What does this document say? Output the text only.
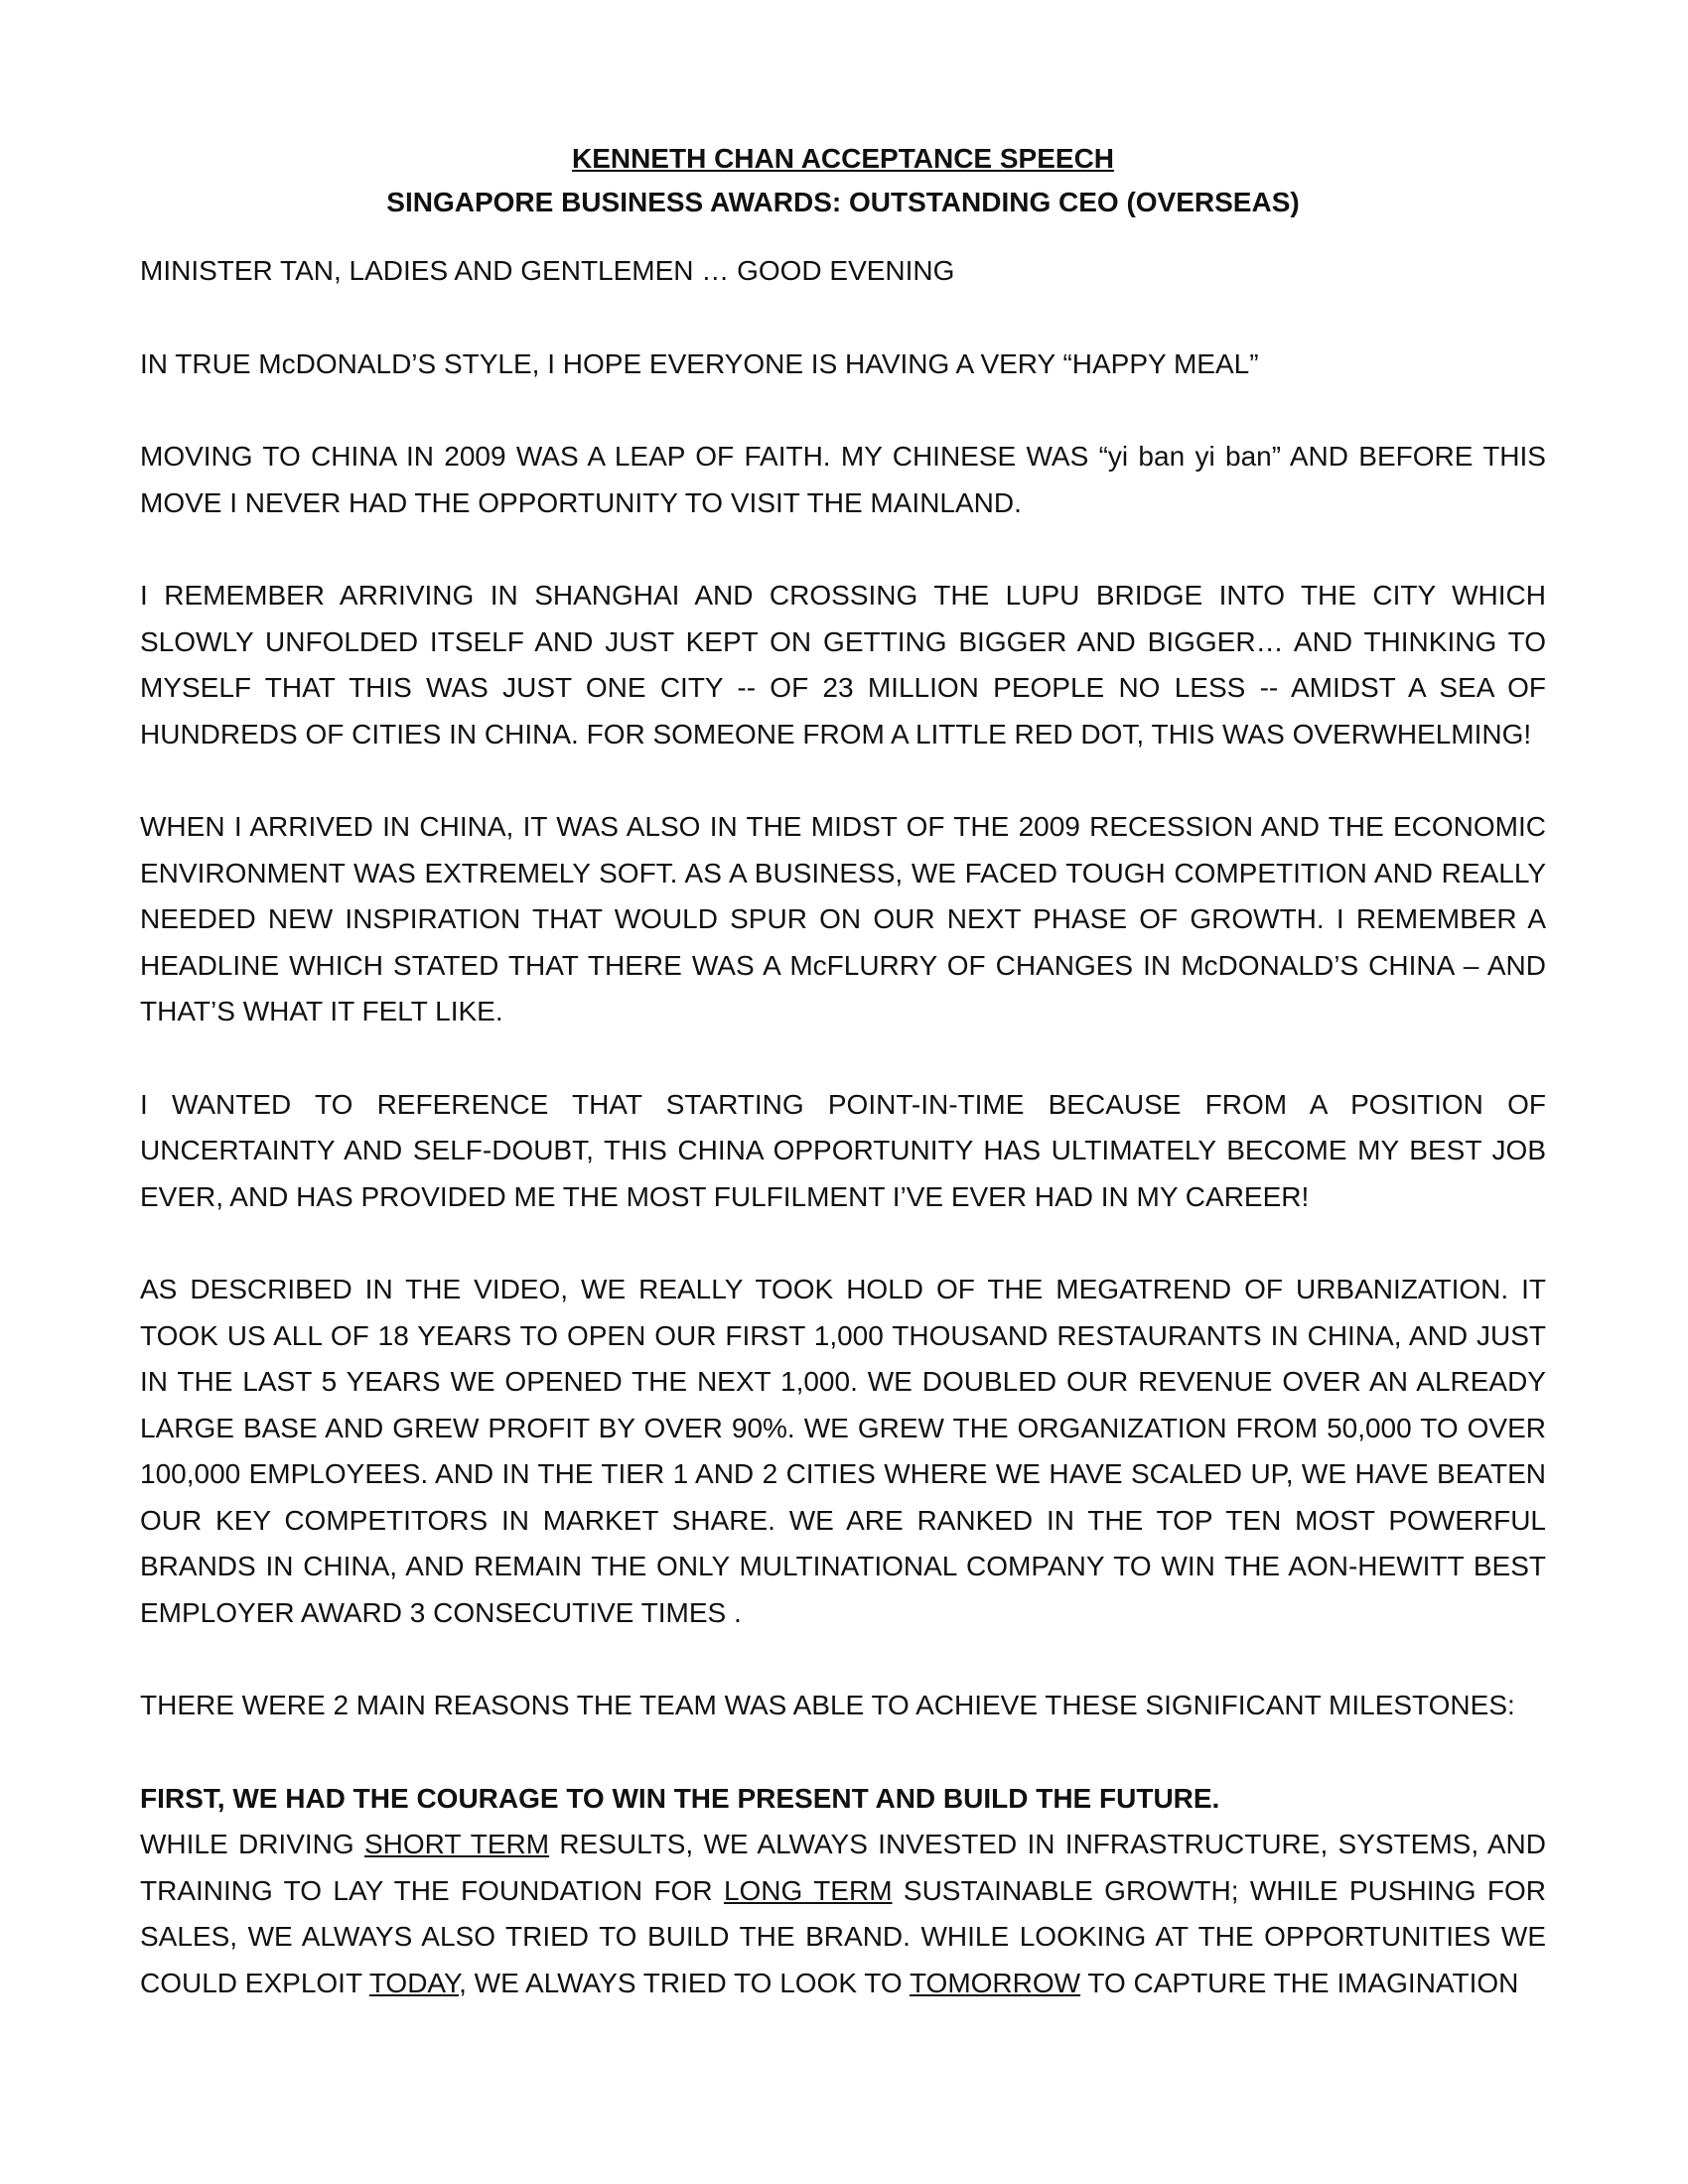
KENNETH CHAN ACCEPTANCE SPEECH
SINGAPORE BUSINESS AWARDS: OUTSTANDING CEO (OVERSEAS)

MINISTER TAN, LADIES AND GENTLEMEN … GOOD EVENING

IN TRUE McDONALD’S STYLE, I HOPE EVERYONE IS HAVING A VERY “HAPPY MEAL”

MOVING TO CHINA IN 2009 WAS A LEAP OF FAITH. MY CHINESE WAS “yi ban yi ban” AND BEFORE THIS MOVE I NEVER HAD THE OPPORTUNITY TO VISIT THE MAINLAND.

I REMEMBER ARRIVING IN SHANGHAI AND CROSSING THE LUPU BRIDGE INTO THE CITY WHICH SLOWLY UNFOLDED ITSELF AND JUST KEPT ON GETTING BIGGER AND BIGGER… AND THINKING TO MYSELF THAT THIS WAS JUST ONE CITY -- OF 23 MILLION PEOPLE NO LESS -- AMIDST A SEA OF HUNDREDS OF CITIES IN CHINA. FOR SOMEONE FROM A LITTLE RED DOT, THIS WAS OVERWHELMING!

WHEN I ARRIVED IN CHINA, IT WAS ALSO IN THE MIDST OF THE 2009 RECESSION AND THE ECONOMIC ENVIRONMENT WAS EXTREMELY SOFT. AS A BUSINESS, WE FACED TOUGH COMPETITION AND REALLY NEEDED NEW INSPIRATION THAT WOULD SPUR ON OUR NEXT PHASE OF GROWTH. I REMEMBER A HEADLINE WHICH STATED THAT THERE WAS A McFLURRY OF CHANGES IN McDONALD’S CHINA – AND THAT’S WHAT IT FELT LIKE.

I WANTED TO REFERENCE THAT STARTING POINT-IN-TIME BECAUSE FROM A POSITION OF UNCERTAINTY AND SELF-DOUBT, THIS CHINA OPPORTUNITY HAS ULTIMATELY BECOME MY BEST JOB EVER, AND HAS PROVIDED ME THE MOST FULFILMENT I’VE EVER HAD IN MY CAREER!

AS DESCRIBED IN THE VIDEO, WE REALLY TOOK HOLD OF THE MEGATREND OF URBANIZATION. IT TOOK US ALL OF 18 YEARS TO OPEN OUR FIRST 1,000 THOUSAND RESTAURANTS IN CHINA, AND JUST IN THE LAST 5 YEARS WE OPENED THE NEXT 1,000. WE DOUBLED OUR REVENUE OVER AN ALREADY LARGE BASE AND GREW PROFIT BY OVER 90%. WE GREW THE ORGANIZATION FROM 50,000 TO OVER 100,000 EMPLOYEES. AND IN THE TIER 1 AND 2 CITIES WHERE WE HAVE SCALED UP, WE HAVE BEATEN OUR KEY COMPETITORS IN MARKET SHARE. WE ARE RANKED IN THE TOP TEN MOST POWERFUL BRANDS IN CHINA, AND REMAIN THE ONLY MULTINATIONAL COMPANY TO WIN THE AON-HEWITT BEST EMPLOYER AWARD 3 CONSECUTIVE TIMES .

THERE WERE 2 MAIN REASONS THE TEAM WAS ABLE TO ACHIEVE THESE SIGNIFICANT MILESTONES:

FIRST, WE HAD THE COURAGE TO WIN THE PRESENT AND BUILD THE FUTURE.

WHILE DRIVING SHORT TERM RESULTS, WE ALWAYS INVESTED IN INFRASTRUCTURE, SYSTEMS, AND TRAINING TO LAY THE FOUNDATION FOR LONG TERM SUSTAINABLE GROWTH; WHILE PUSHING FOR SALES, WE ALWAYS ALSO TRIED TO BUILD THE BRAND. WHILE LOOKING AT THE OPPORTUNITIES WE COULD EXPLOIT TODAY, WE ALWAYS TRIED TO LOOK TO TOMORROW TO CAPTURE THE IMAGINATION
